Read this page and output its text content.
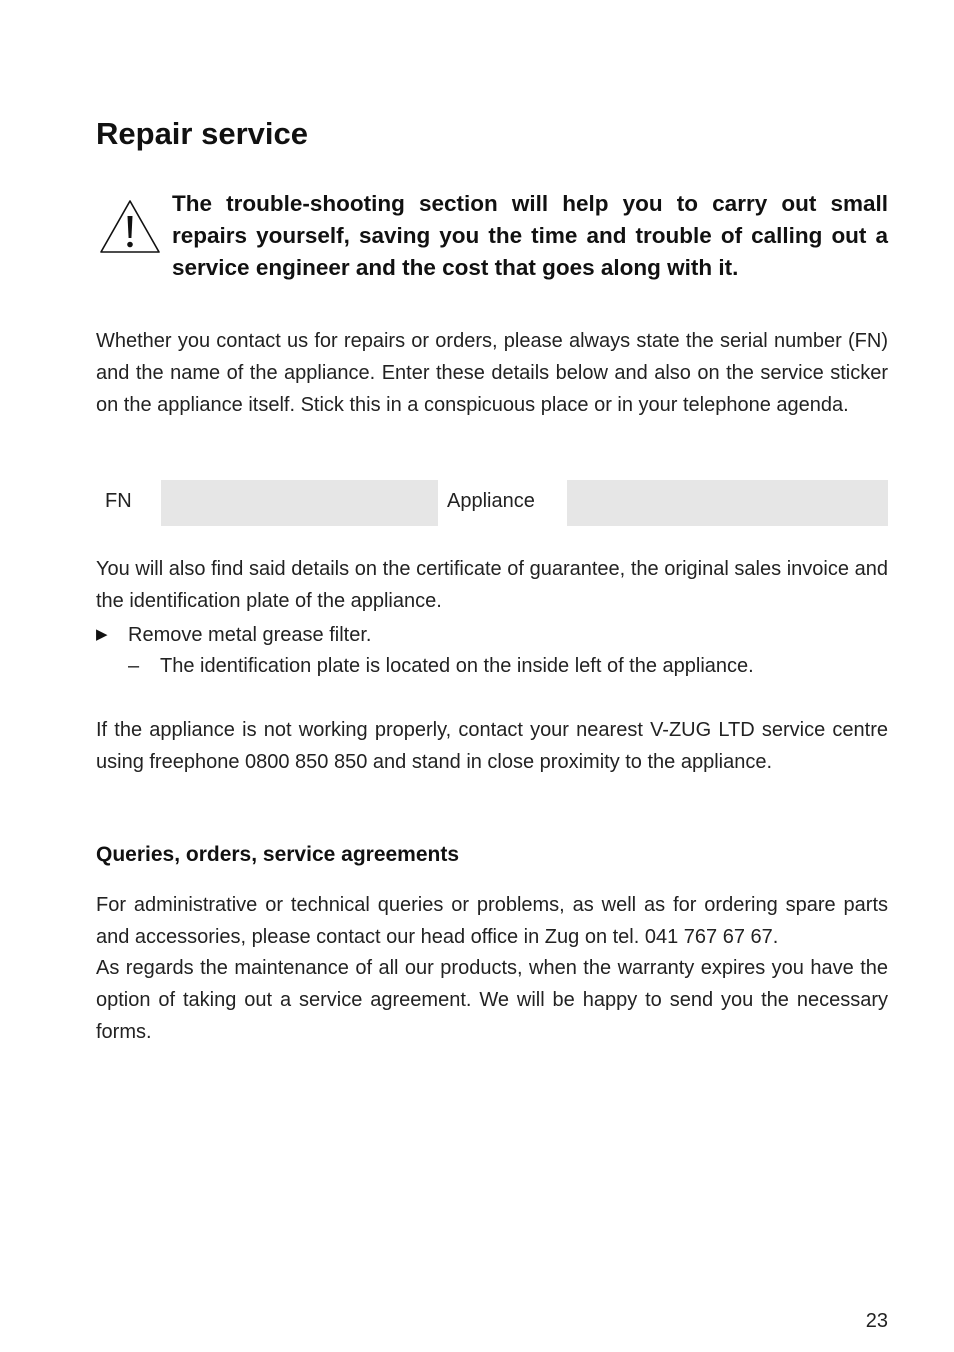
Repair service

The trouble-shooting section will help you to carry out small repairs yourself, saving you the time and trouble of calling out a service engineer and the cost that goes along with it.

Whether you contact us for repairs or orders, please always state the serial number (FN) and the name of the appliance. Enter these details below and also on the service sticker on the appliance itself. Stick this in a conspicuous place or in your telephone agenda.

FN	Appliance

You will also find said details on the certificate of guarantee, the original sales invoice and the identification plate of the appliance.

▶ Remove metal grease filter.
– The identification plate is located on the inside left of the appliance.

If the appliance is not working properly, contact your nearest V-ZUG LTD service centre using freephone 0800 850 850 and stand in close proximity to the appliance.

Queries, orders, service agreements

For administrative or technical queries or problems, as well as for ordering spare parts and accessories, please contact our head office in Zug on tel. 041 767 67 67.

As regards the maintenance of all our products, when the warranty expires you have the option of taking out a service agreement. We will be happy to send you the necessary forms.

23
